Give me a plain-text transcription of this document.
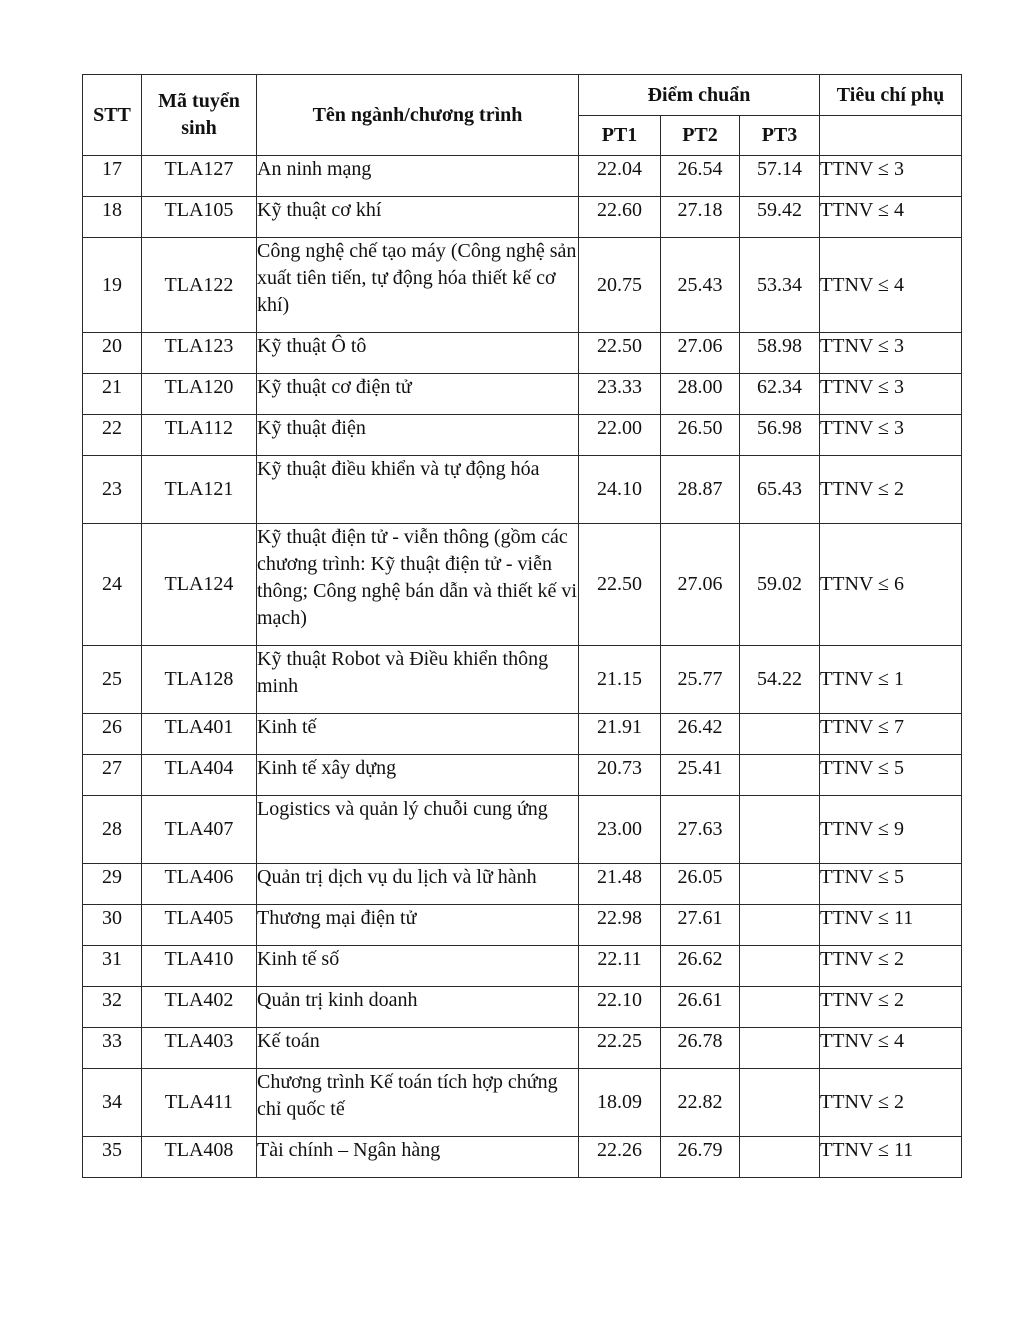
STT	Mã tuyển sinh	Tên ngành/chương trình	Điểm chuẩn			Tiêu chí phụ
			PT1	PT2	PT3	
17	TLA127	An ninh mạng	22.04	26.54	57.14	TTNV ≤ 3
18	TLA105	Kỹ thuật cơ khí	22.60	27.18	59.42	TTNV ≤ 4
19	TLA122	Công nghệ chế tạo máy (Công nghệ sản xuất tiên tiến, tự động hóa thiết kế cơ khí)	20.75	25.43	53.34	TTNV ≤ 4
20	TLA123	Kỹ thuật Ô tô	22.50	27.06	58.98	TTNV ≤ 3
21	TLA120	Kỹ thuật cơ điện tử	23.33	28.00	62.34	TTNV ≤ 3
22	TLA112	Kỹ thuật điện	22.00	26.50	56.98	TTNV ≤ 3
23	TLA121	Kỹ thuật điều khiển và tự động hóa	24.10	28.87	65.43	TTNV ≤ 2
24	TLA124	Kỹ thuật điện tử - viễn thông (gồm các chương trình: Kỹ thuật điện tử - viễn thông; Công nghệ bán dẫn và thiết kế vi mạch)	22.50	27.06	59.02	TTNV ≤ 6
25	TLA128	Kỹ thuật Robot và Điều khiển thông minh	21.15	25.77	54.22	TTNV ≤ 1
26	TLA401	Kinh tế	21.91	26.42		TTNV ≤ 7
27	TLA404	Kinh tế xây dựng	20.73	25.41		TTNV ≤ 5
28	TLA407	Logistics và quản lý chuỗi cung ứng	23.00	27.63		TTNV ≤ 9
29	TLA406	Quản trị dịch vụ du lịch và lữ hành	21.48	26.05		TTNV ≤ 5
30	TLA405	Thương mại điện tử	22.98	27.61		TTNV ≤ 11
31	TLA410	Kinh tế số	22.11	26.62		TTNV ≤ 2
32	TLA402	Quản trị kinh doanh	22.10	26.61		TTNV ≤ 2
33	TLA403	Kế toán	22.25	26.78		TTNV ≤ 4
34	TLA411	Chương trình Kế toán tích hợp chứng chỉ quốc tế	18.09	22.82		TTNV ≤ 2
35	TLA408	Tài chính – Ngân hàng	22.26	26.79		TTNV ≤ 11
